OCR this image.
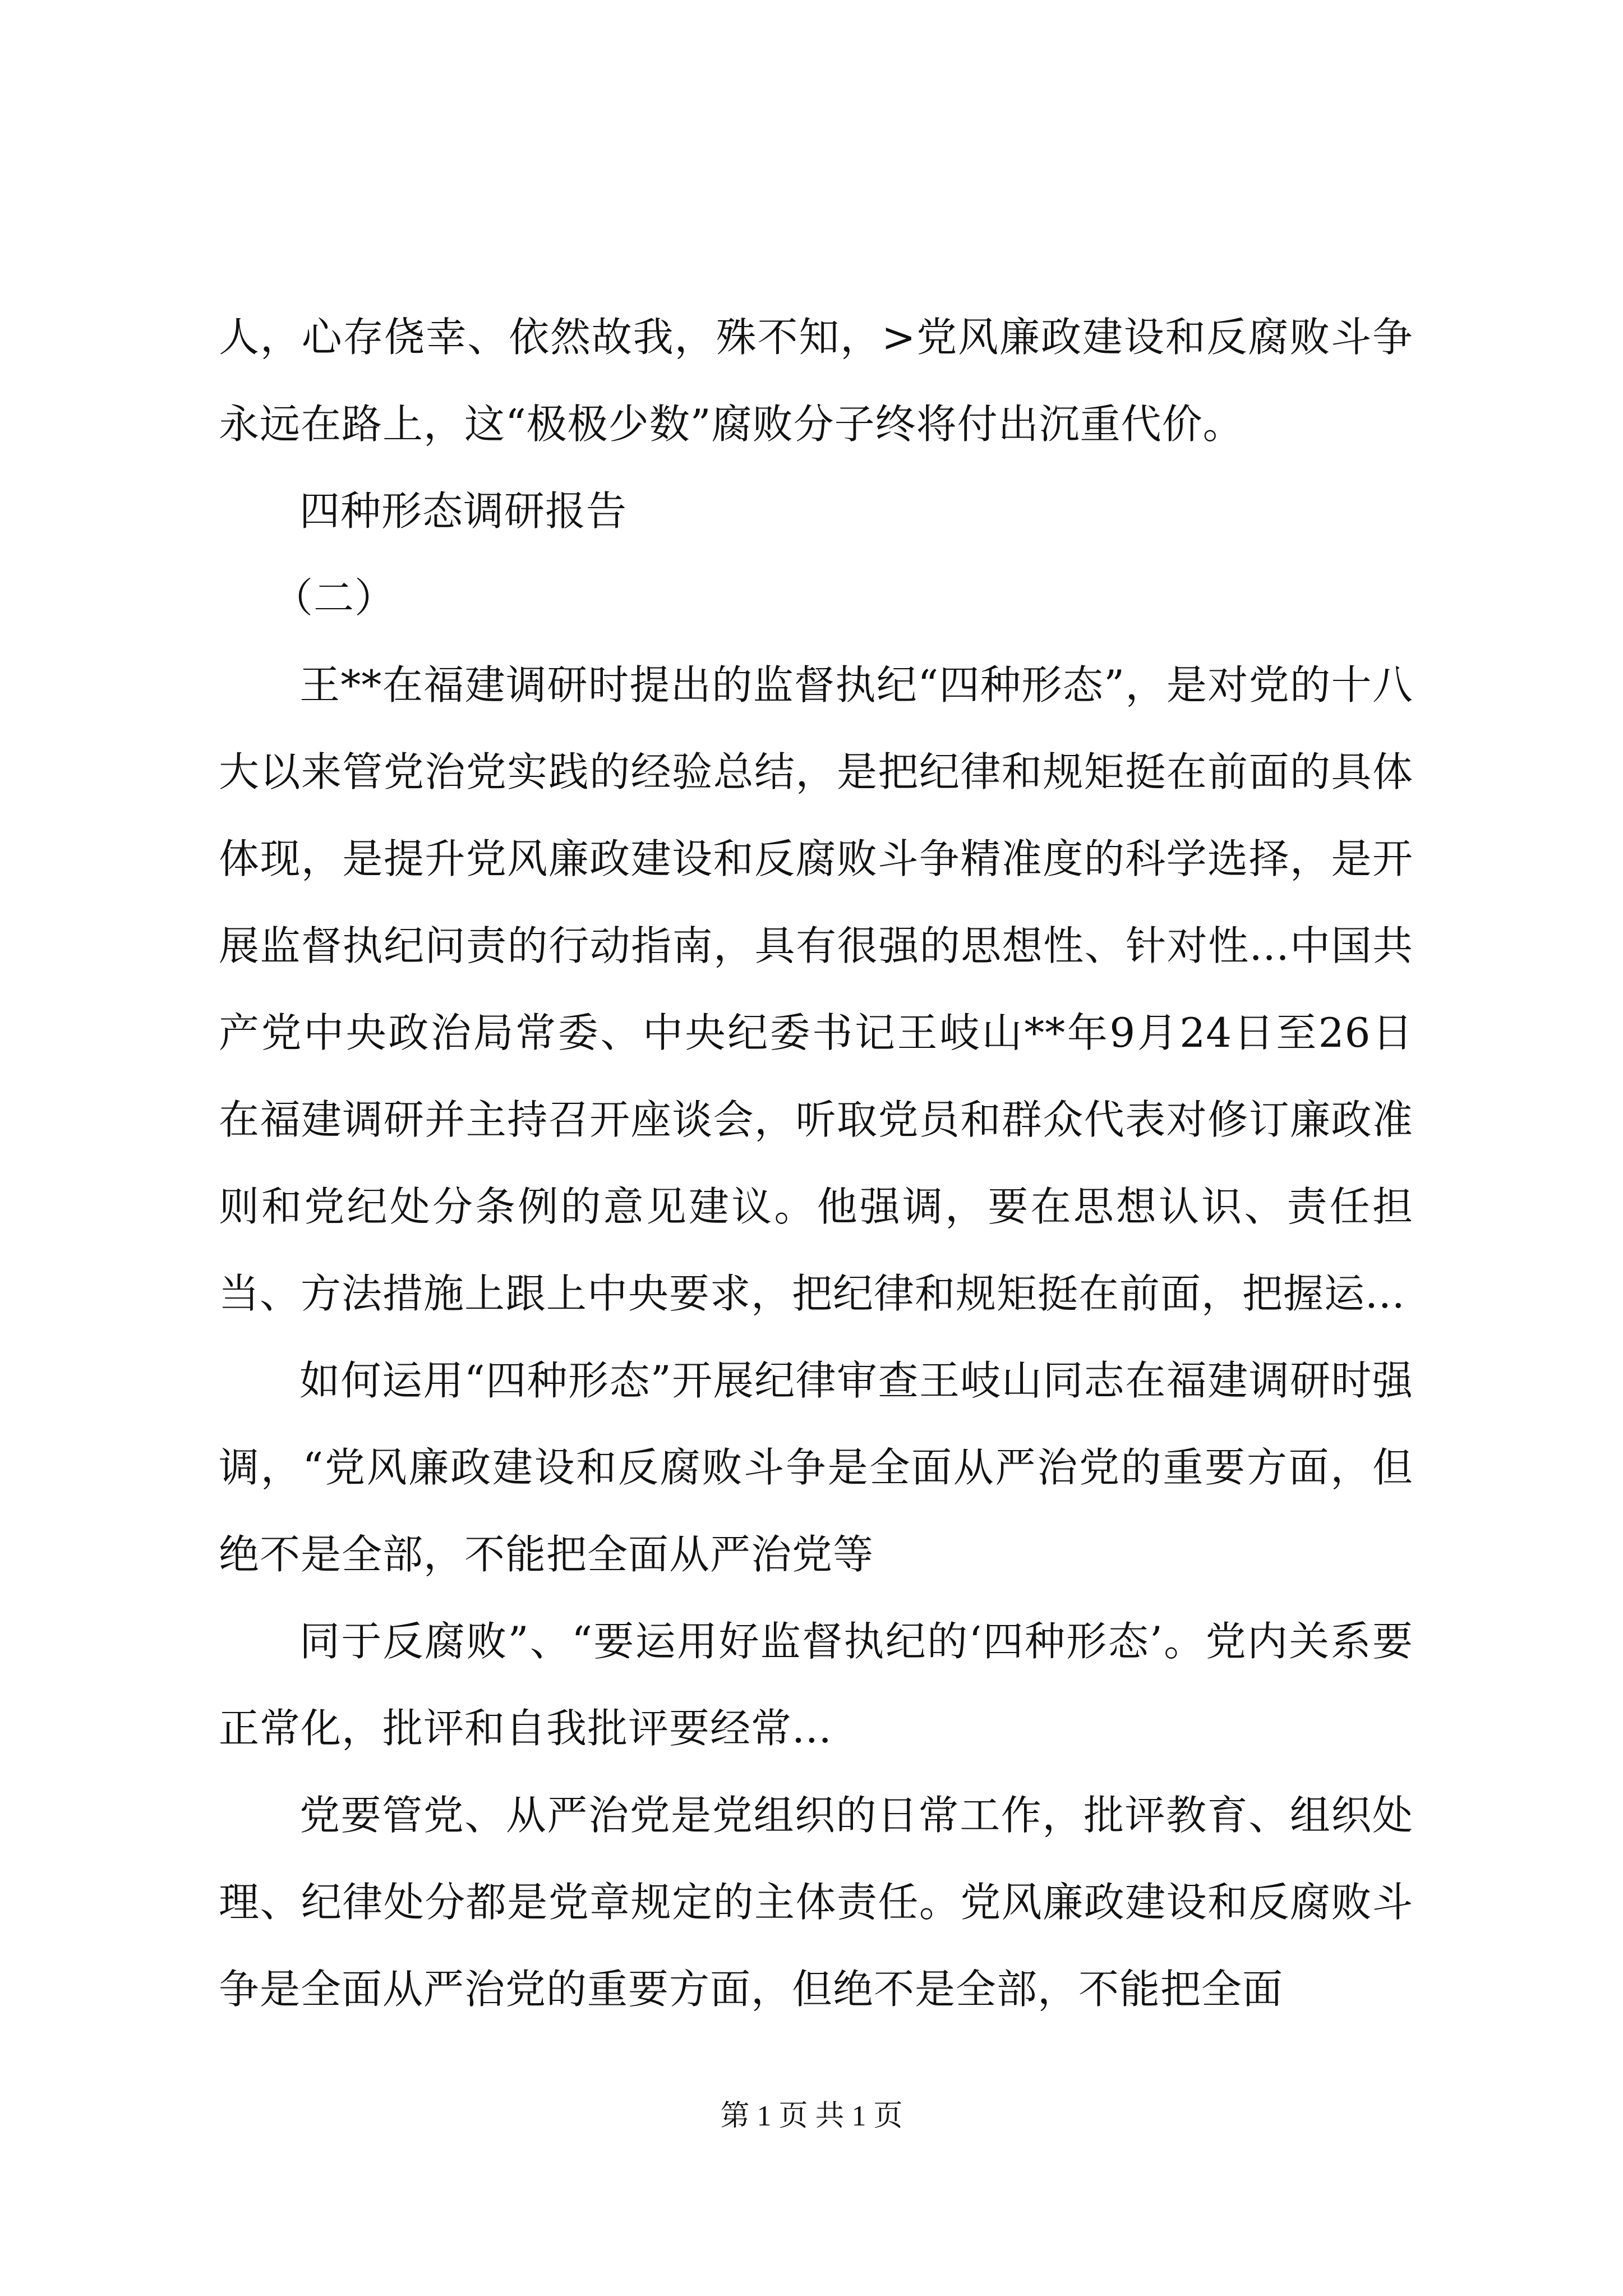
人，心存侥幸、依然故我，殊不知，>党风廉政建设和反腐败斗争永远在路上，这“极极少数”腐败分子终将付出沉重代价。

四种形态调研报告

（二）

王**在福建调研时提出的监督执纪“四种形态”，是对党的十八大以来管党治党实践的经验总结，是把纪律和规矩挺在前面的具体体现，是提升党风廉政建设和反腐败斗争精准度的科学选择，是开展监督执纪问责的行动指南，具有很强的思想性、针对性...中国共产党中央政治局常委、中央纪委书记王岐山**年9月24日至26日在福建调研并主持召开座谈会，听取党员和群众代表对修订廉政准则和党纪处分条例的意见建议。他强调，要在思想认识、责任担当、方法措施上跟上中央要求，把纪律和规矩挺在前面，把握运...

如何运用“四种形态”开展纪律审查王岐山同志在福建调研时强调，“党风廉政建设和反腐败斗争是全面从严治党的重要方面，但绝不是全部，不能把全面从严治党等

同于反腐败”、“要运用好监督执纪的‘四种形态’。党内关系要正常化，批评和自我批评要经常...

党要管党、从严治党是党组织的日常工作，批评教育、组织处理、纪律处分都是党章规定的主体责任。党风廉政建设和反腐败斗争是全面从严治党的重要方面，但绝不是全部，不能把全面

第 1 页 共 1 页
